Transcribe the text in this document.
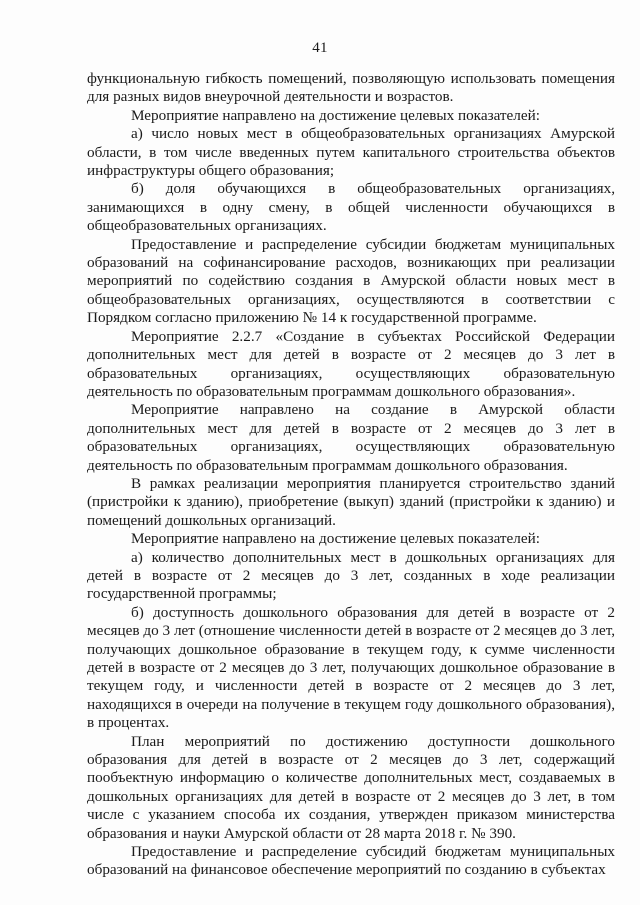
41

функциональную гибкость помещений, позволяющую использовать помещения для разных видов внеурочной деятельности и возрастов.

Мероприятие направлено на достижение целевых показателей:

а) число новых мест в общеобразовательных организациях Амурской области, в том числе введенных путем капитального строительства объектов инфраструктуры общего образования;

б) доля обучающихся в общеобразовательных организациях, занимающихся в одну смену, в общей численности обучающихся в общеобразовательных организациях.

Предоставление и распределение субсидии бюджетам муниципальных образований на софинансирование расходов, возникающих при реализации мероприятий по содействию создания в Амурской области новых мест в общеобразовательных организациях, осуществляются в соответствии с Порядком согласно приложению № 14 к государственной программе.

Мероприятие 2.2.7 «Создание в субъектах Российской Федерации дополнительных мест для детей в возрасте от 2 месяцев до 3 лет в образовательных организациях, осуществляющих образовательную деятельность по образовательным программам дошкольного образования».

Мероприятие направлено на создание в Амурской области дополнительных мест для детей в возрасте от 2 месяцев до 3 лет в образовательных организациях, осуществляющих образовательную деятельность по образовательным программам дошкольного образования.

В рамках реализации мероприятия планируется строительство зданий (пристройки к зданию), приобретение (выкуп) зданий (пристройки к зданию) и помещений дошкольных организаций.

Мероприятие направлено на достижение целевых показателей:

а) количество дополнительных мест в дошкольных организациях для детей в возрасте от 2 месяцев до 3 лет, созданных в ходе реализации государственной программы;

б) доступность дошкольного образования для детей в возрасте от 2 месяцев до 3 лет (отношение численности детей в возрасте от 2 месяцев до 3 лет, получающих дошкольное образование в текущем году, к сумме численности детей в возрасте от 2 месяцев до 3 лет, получающих дошкольное образование в текущем году, и численности детей в возрасте от 2 месяцев до 3 лет, находящихся в очереди на получение в текущем году дошкольного образования), в процентах.

План мероприятий по достижению доступности дошкольного образования для детей в возрасте от 2 месяцев до 3 лет, содержащий пообъектную информацию о количестве дополнительных мест, создаваемых в дошкольных организациях для детей в возрасте от 2 месяцев до 3 лет, в том числе с указанием способа их создания, утвержден приказом министерства образования и науки Амурской области от 28 марта 2018 г. № 390.

Предоставление и распределение субсидий бюджетам муниципальных образований на финансовое обеспечение мероприятий по созданию в субъектах
